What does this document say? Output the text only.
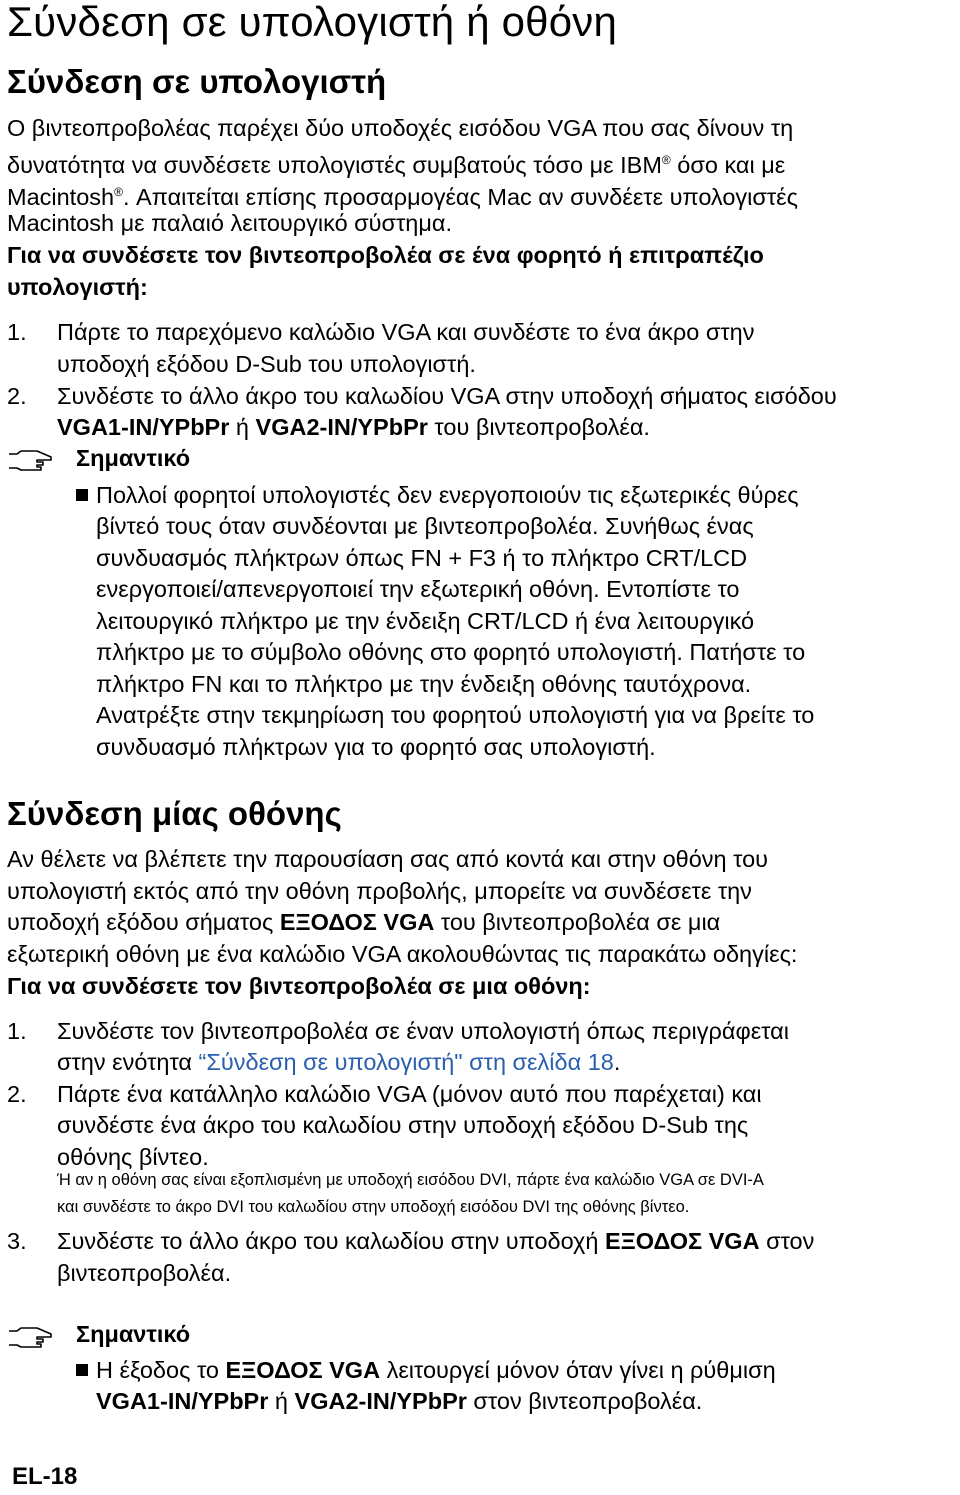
Σύνδεση σε υπολογιστή ή οθόνη
Σύνδεση σε υπολογιστή

Ο βιντεοπροβολέας παρέχει δύο υποδοχές εισόδου VGA που σας δίνουν τη

δυνατότητα να συνδέσετε υπολογιστές συμβατούς τόσο με IBM® όσο και με

Macintosh®. Απαιτείται επίσης προσαρμογέας Mac αν συνδέετε υπολογιστές

Macintosh με παλαιό λειτουργικό σύστημα.

Για να συνδέσετε τον βιντεοπροβολέα σε ένα φορητό ή επιτραπέζιο

υπολογιστή:

1.	Πάρτε το παρεχόμενο καλώδιο VGA και συνδέστε το ένα άκρο στην

υποδοχή εξόδου D-Sub του υπολογιστή.

2.	Συνδέστε το άλλο άκρο του καλωδίου VGA στην υποδοχή σήματος εισόδου

VGA1-IN/YPbPr ή VGA2-IN/YPbPr του βιντεοπροβολέα.

Σημαντικό

Πολλοί φορητοί υπολογιστές δεν ενεργοποιούν τις εξωτερικές θύρες

βίντεό τους όταν συνδέονται με βιντεοπροβολέα. Συνήθως ένας

συνδυασμός πλήκτρων όπως FN + F3 ή το πλήκτρο CRT/LCD

ενεργοποιεί/απενεργοποιεί την εξωτερική οθόνη. Εντοπίστε το

λειτουργικό πλήκτρο με την ένδειξη CRT/LCD ή ένα λειτουργικό

πλήκτρο με το σύμβολο οθόνης στο φορητό υπολογιστή. Πατήστε το

πλήκτρο FN και το πλήκτρο με την ένδειξη οθόνης ταυτόχρονα.

Ανατρέξτε στην τεκμηρίωση του φορητού υπολογιστή για να βρείτε το

συνδυασμό πλήκτρων για το φορητό σας υπολογιστή.

Σύνδεση μίας οθόνης

Αν θέλετε να βλέπετε την παρουσίαση σας από κοντά και στην οθόνη του

υπολογιστή εκτός από την οθόνη προβολής, μπορείτε να συνδέσετε την

υποδοχή εξόδου σήματος ΕΞΟΔΟΣ VGA του βιντεοπροβολέα σε μια

εξωτερική οθόνη με ένα καλώδιο VGA ακολουθώντας τις παρακάτω οδηγίες:

Για να συνδέσετε τον βιντεοπροβολέα σε μια οθόνη:

1.	Συνδέστε τον βιντεοπροβολέα σε έναν υπολογιστή όπως περιγράφεται

στην ενότητα “Σύνδεση σε υπολογιστή" στη σελίδα 18.

2.	Πάρτε ένα κατάλληλο καλώδιο VGA (μόνον αυτό που παρέχεται) και

συνδέστε ένα άκρο του καλωδίου στην υποδοχή εξόδου D-Sub της

οθόνης βίντεο.

Ή αν η οθόνη σας είναι εξοπλισμένη με υποδοχή εισόδου DVI, πάρτε ένα καλώδιο VGA σε DVI-A

και συνδέστε το άκρο DVI του καλωδίου στην υποδοχή εισόδου DVI της οθόνης βίντεο.

3.	Συνδέστε το άλλο άκρο του καλωδίου στην υποδοχή ΕΞΟΔΟΣ VGA στον

βιντεοπροβολέα.

Σημαντικό

Η έξοδος το ΕΞΟΔΟΣ VGA λειτουργεί μόνον όταν γίνει η ρύθμιση

VGA1-IN/YPbPr ή VGA2-IN/YPbPr στον βιντεοπροβολέα.

EL-18
